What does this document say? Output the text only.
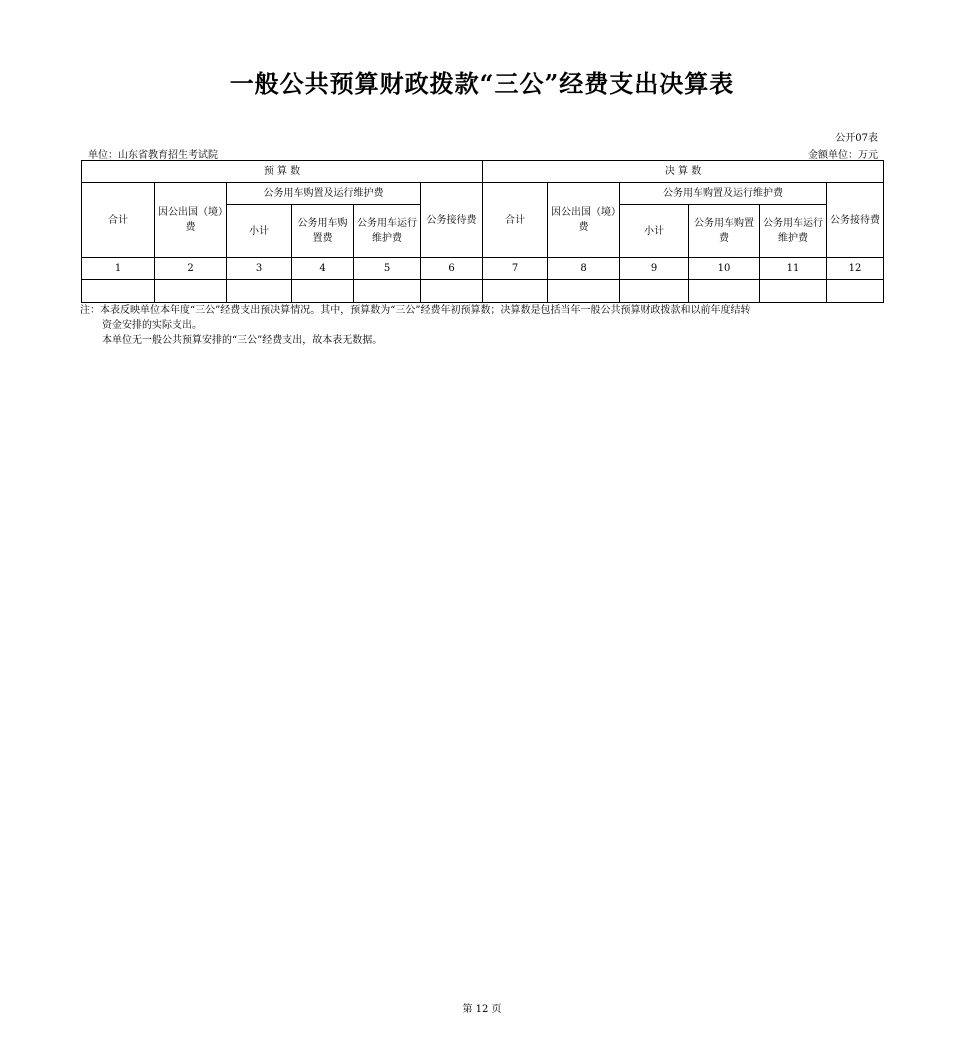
一般公共预算财政拨款“三公”经费支出决算表
公开07表
单位：山东省教育招生考试院	金额单位：万元
预 算 数						决 算 数					
合计	因公出国（境）费	公务用车购置及运行维护费			公务接待费	合计	因公出国（境）费	公务用车购置及运行维护费			公务接待费
		小计	公务用车购置费	公务用车运行维护费				小计	公务用车购置费	公务用车运行维护费	
1	2	3	4	5	6	7	8	9	10	11	12

注：本表反映单位本年度“三公”经费支出预决算情况。其中，预算数为“三公”经费年初预算数；决算数是包括当年一般公共预算财政拨款和以前年度结转

资金安排的实际支出。

本单位无一般公共预算安排的“三公”经费支出，故本表无数据。

第 12 页
